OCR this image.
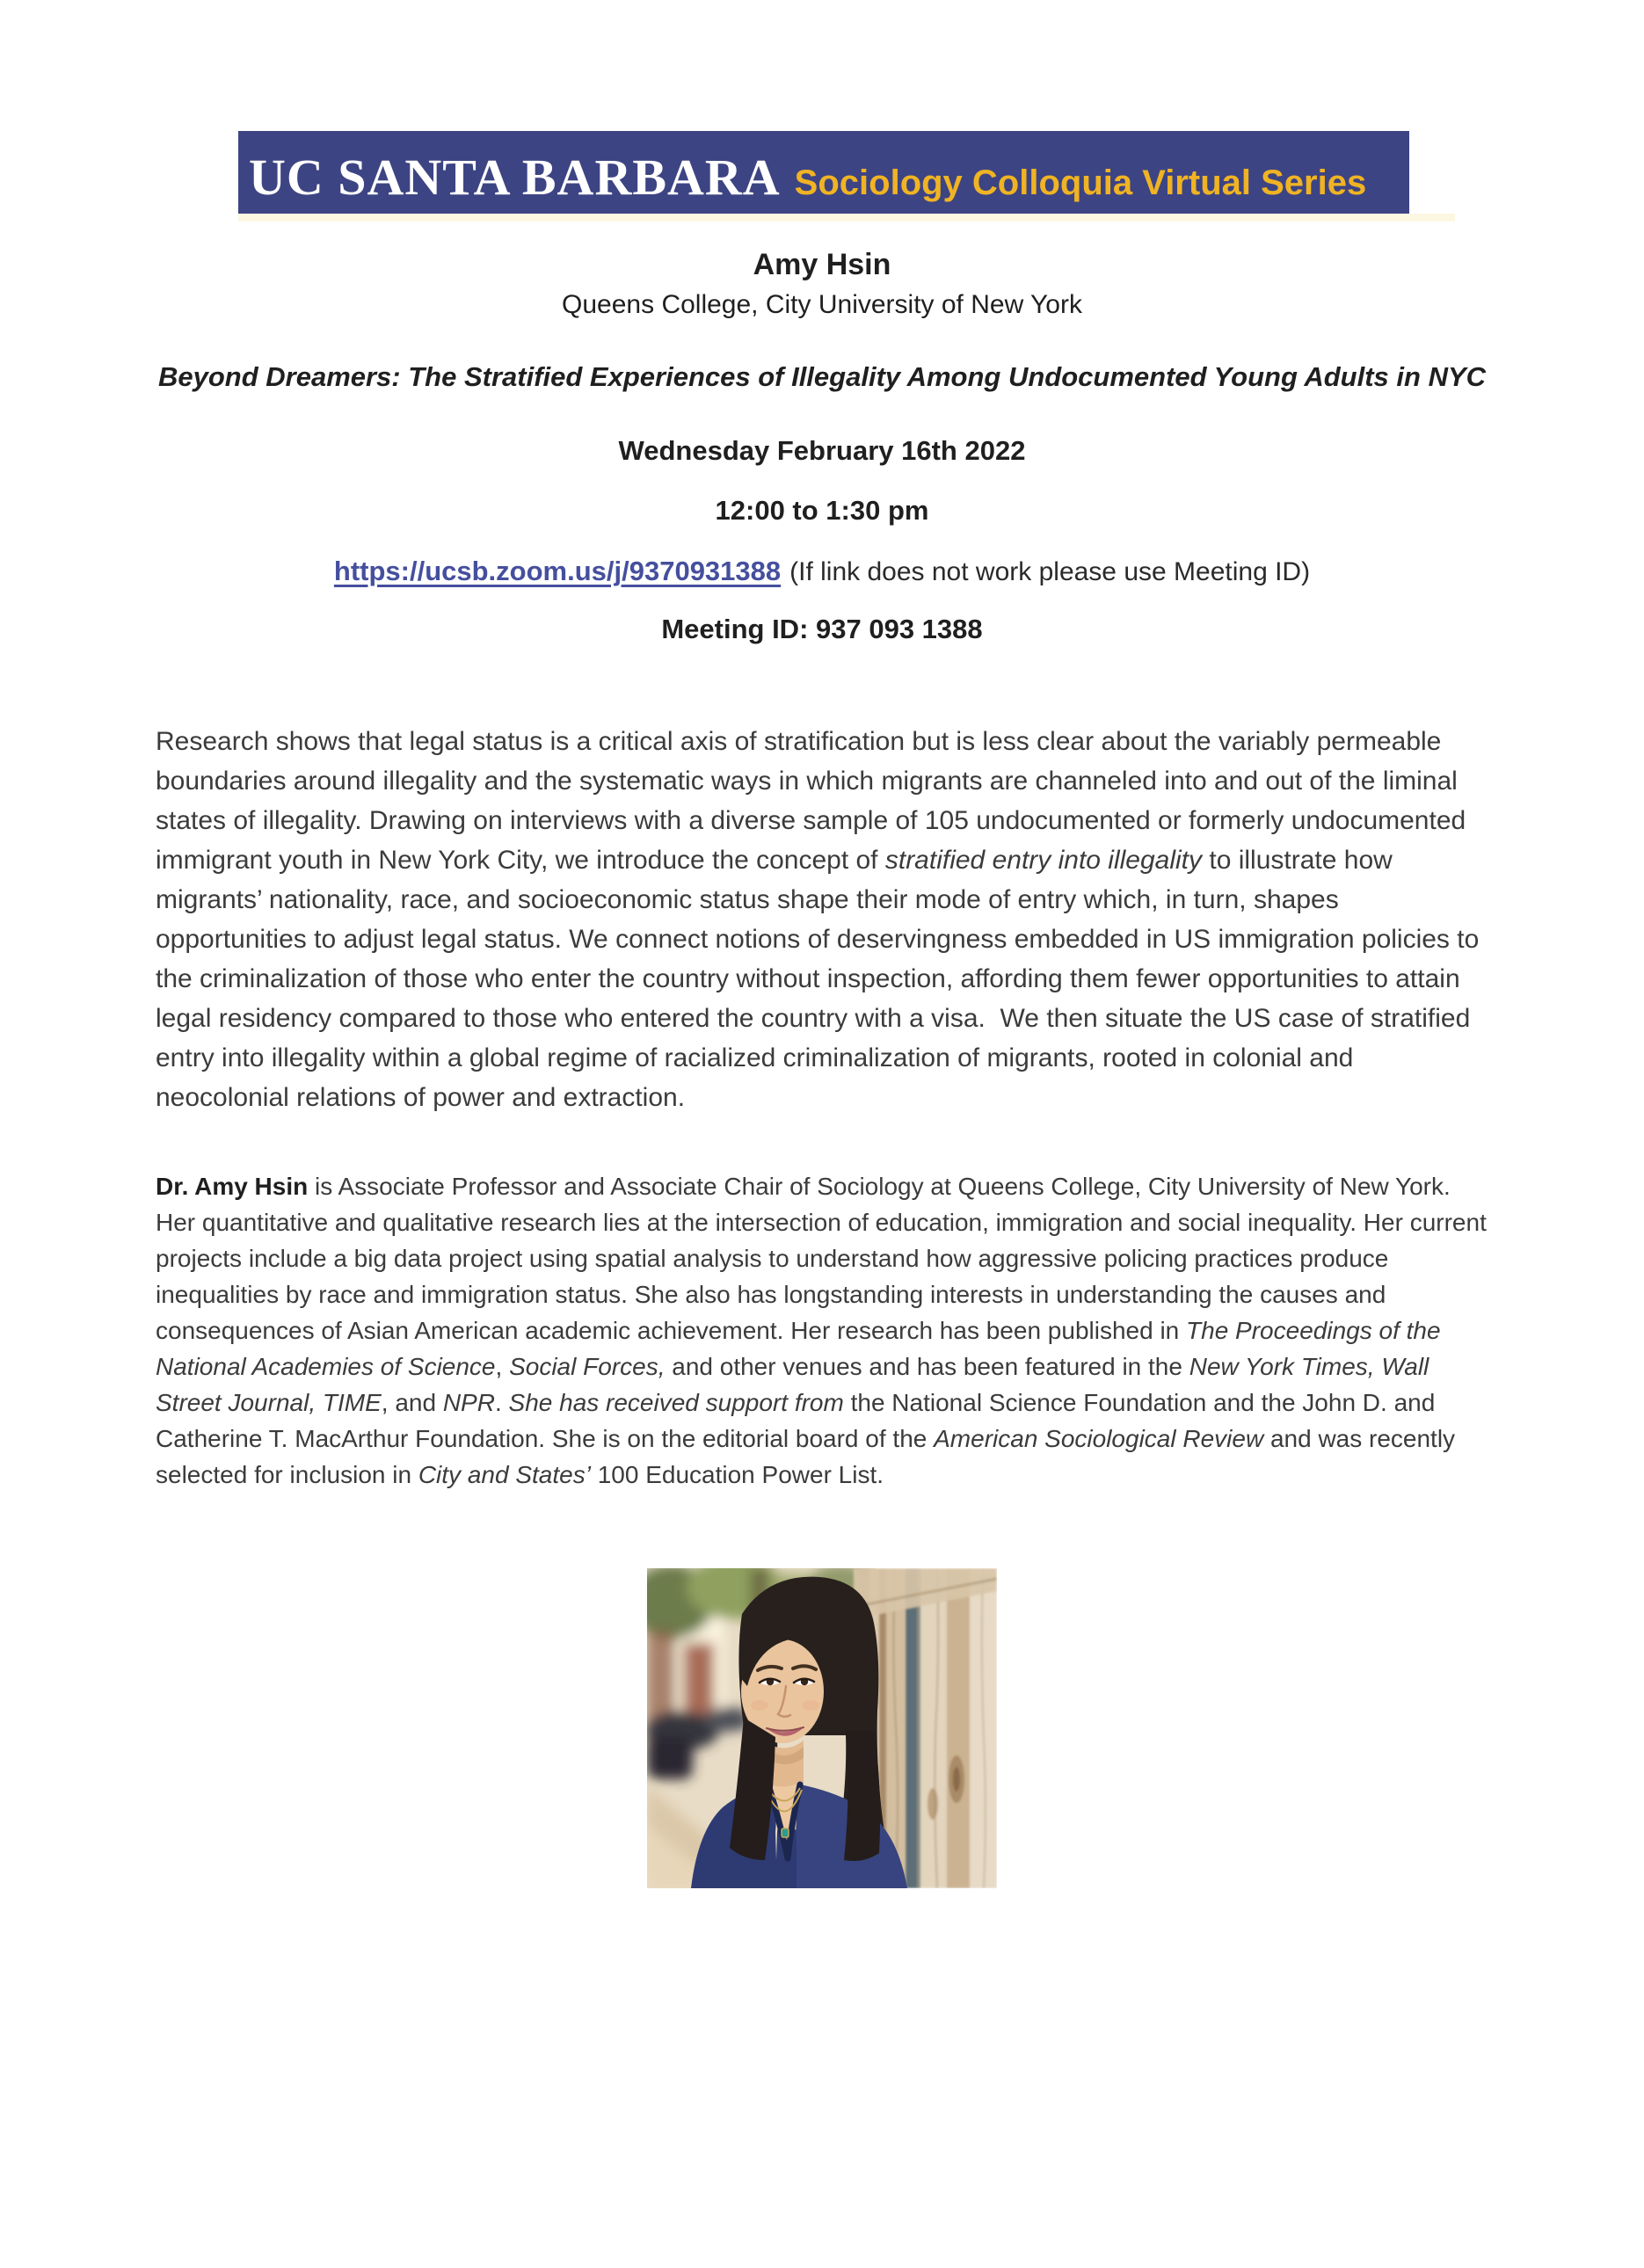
UC SANTA BARBARA Sociology Colloquia Virtual Series
Amy Hsin
Queens College, City University of New York
Beyond Dreamers: The Stratified Experiences of Illegality Among Undocumented Young Adults in NYC
Wednesday February 16th 2022
12:00 to 1:30 pm
https://ucsb.zoom.us/j/9370931388 (If link does not work please use Meeting ID)
Meeting ID: 937 093 1388

Research shows that legal status is a critical axis of stratification but is less clear about the variably permeable boundaries around illegality and the systematic ways in which migrants are channeled into and out of the liminal states of illegality. Drawing on interviews with a diverse sample of 105 undocumented or formerly undocumented immigrant youth in New York City, we introduce the concept of stratified entry into illegality to illustrate how migrants’ nationality, race, and socioeconomic status shape their mode of entry which, in turn, shapes opportunities to adjust legal status. We connect notions of deservingness embedded in US immigration policies to the criminalization of those who enter the country without inspection, affording them fewer opportunities to attain legal residency compared to those who entered the country with a visa.  We then situate the US case of stratified entry into illegality within a global regime of racialized criminalization of migrants, rooted in colonial and neocolonial relations of power and extraction.

Dr. Amy Hsin is Associate Professor and Associate Chair of Sociology at Queens College, City University of New York. Her quantitative and qualitative research lies at the intersection of education, immigration and social inequality. Her current projects include a big data project using spatial analysis to understand how aggressive policing practices produce inequalities by race and immigration status. She also has longstanding interests in understanding the causes and consequences of Asian American academic achievement. Her research has been published in The Proceedings of the National Academies of Science, Social Forces, and other venues and has been featured in the New York Times, Wall Street Journal, TIME, and NPR. She has received support from the National Science Foundation and the John D. and Catherine T. MacArthur Foundation. She is on the editorial board of the American Sociological Review and was recently selected for inclusion in City and States’ 100 Education Power List.
